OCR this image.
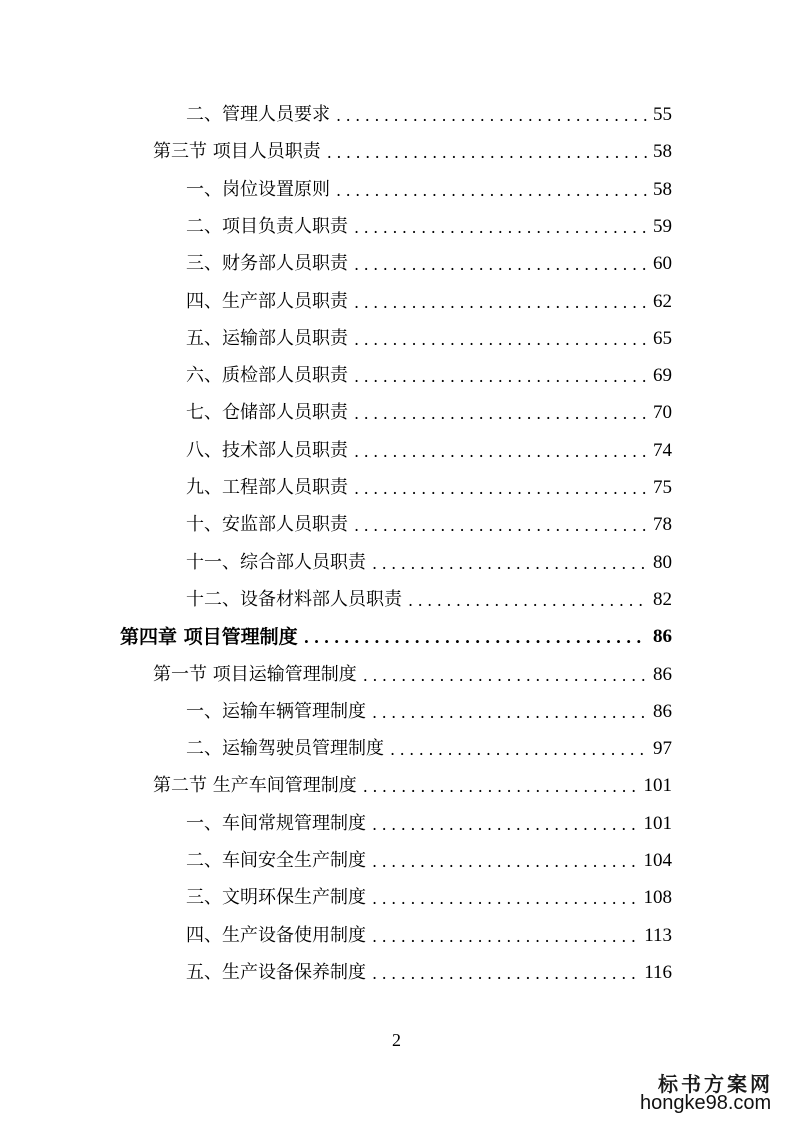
二、管理人员要求 .....	55
第三节 项目人员职责 .....	58
一、岗位设置原则 .....	58
二、项目负责人职责 .....	59
三、财务部人员职责 .....	60
四、生产部人员职责 .....	62
五、运输部人员职责 .....	65
六、质检部人员职责 .....	69
七、仓储部人员职责 .....	70
八、技术部人员职责 .....	74
九、工程部人员职责 .....	75
十、安监部人员职责 .....	78
十一、综合部人员职责 .....	80
十二、设备材料部人员职责 .....	82
第四章 项目管理制度 .....	86
第一节 项目运输管理制度 .....	86
一、运输车辆管理制度 .....	86
二、运输驾驶员管理制度 .....	97
第二节 生产车间管理制度 .....	101
一、车间常规管理制度 .....	101
二、车间安全生产制度 .....	104
三、文明环保生产制度 .....	108
四、生产设备使用制度 .....	113
五、生产设备保养制度 .....	116
2
标书方案网
hongke98.com
